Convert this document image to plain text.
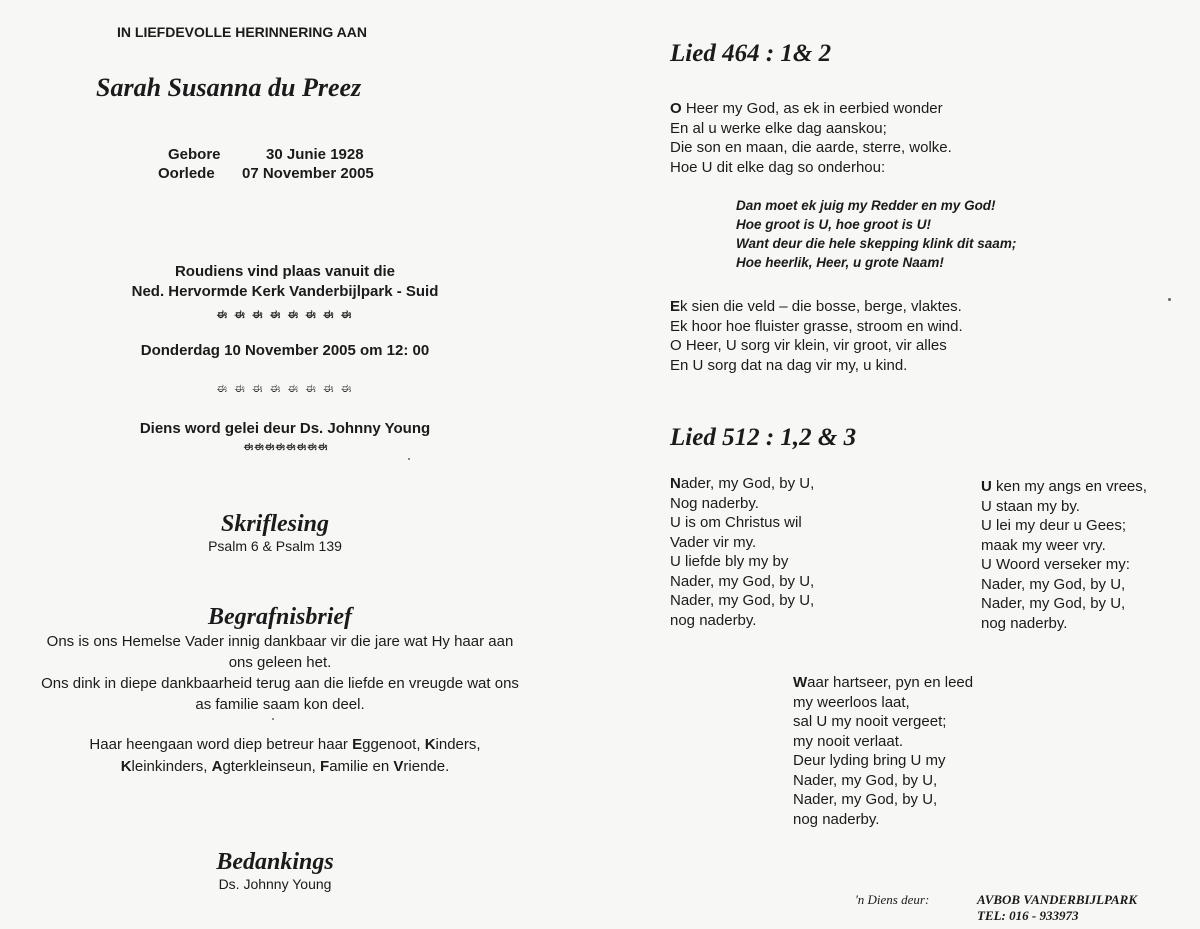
IN LIEFDEVOLLE HERINNERING AAN
Sarah Susanna du Preez
Gebore	30 Junie 1928
Oorlede 07 November 2005
Roudiens vind plaas vanuit die
Ned. Hervormde Kerk Vanderbijlpark - Suid
ಈ ಈ ಈ ಈ ಈ ಈ ಈ ಈ
Donderdag 10 November 2005 om 12: 00
ಈ ಈ ಈ ಈ ಈ ಈ ಈ ಈ
Diens word gelei deur Ds. Johnny Young
ಈ ಈ ಈ ಈ ಈ ಈ ಈ ಈ
Skriflesing
Psalm 6 & Psalm 139
Begrafnisbrief
Ons is ons Hemelse Vader innig dankbaar vir die jare wat Hy haar aan
ons geleen het.
Ons dink in diepe dankbaarheid terug aan die liefde en vreugde wat ons
as familie saam kon deel.
Haar heengaan word diep betreur haar Eggenoot, Kinders,
Kleinkinders, Agterkleinseun, Familie en Vriende.
Bedankings
Ds. Johnny Young
Lied 464 : 1& 2
O Heer my God, as ek in eerbied wonder
En al u werke elke dag aanskou;
Die son en maan, die aarde, sterre, wolke.
Hoe U dit elke dag so onderhou:
Dan moet ek juig my Redder en my God!
Hoe groot is U, hoe groot is U!
Want deur die hele skepping klink dit saam;
Hoe heerlik, Heer, u grote Naam!
Ek sien die veld – die bosse, berge, vlaktes.
Ek hoor hoe fluister grasse, stroom en wind.
O Heer, U sorg vir klein, vir groot, vir alles
En U sorg dat na dag vir my, u kind.
Lied 512 : 1,2 & 3
Nader, my God, by U,
Nog naderby.
U is om Christus wil
Vader vir my.
U liefde bly my by
Nader, my God, by U,
Nader, my God, by U,
nog naderby.
U ken my angs en vrees,
U staan my by.
U lei my deur u Gees;
maak my weer vry.
U Woord verseker my:
Nader, my God, by U,
Nader, my God, by U,
nog naderby.
Waar hartseer, pyn en leed
my weerloos laat,
sal U my nooit vergeet;
my nooit verlaat.
Deur lyding bring U my
Nader, my God, by U,
Nader, my God, by U,
nog naderby.
'n Diens deur:	AVBOB VANDERBIJLPARK
TEL: 016 - 933973
